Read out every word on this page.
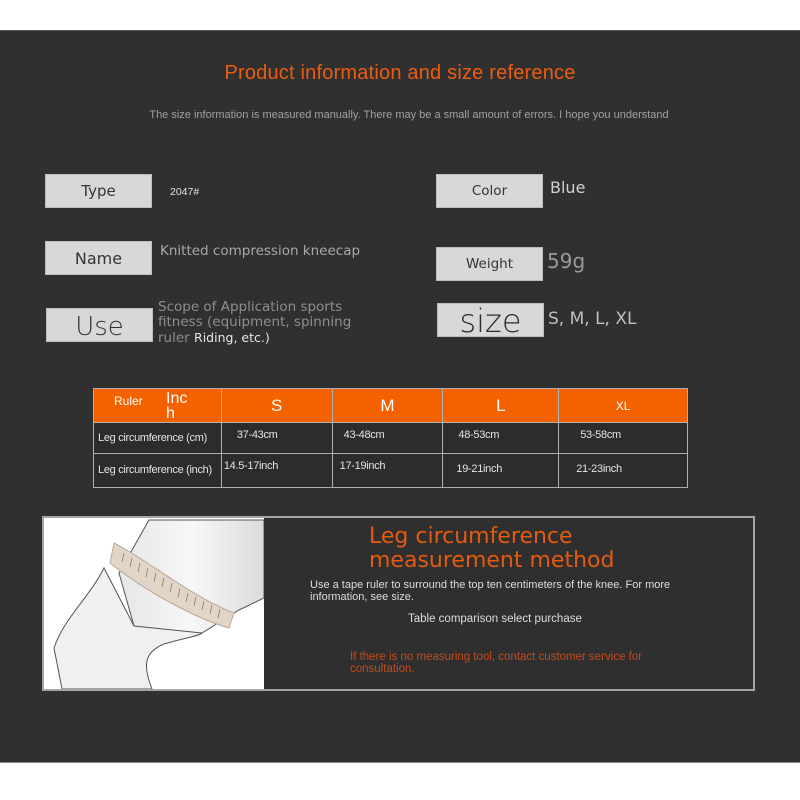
Product information and size reference
The size information is measured manually. There may be a small amount of errors. I hope you understand
Type	2047#
Name	Knitted compression kneecap
Use
Scope of Application sports fitness (equipment, spinning ruler Riding, etc.)
Color	Blue
Weight	59g
size	S, M, L, XL
Ruler Inch	S	M	L	XL
Leg circumference (cm)	37-43cm	43-48cm	48-53cm	53-58cm
Leg circumference (inch)	14.5-17inch	17-19inch	19-21inch	21-23inch
Leg circumference
measurement method
Use a tape ruler to surround the top ten centimeters of the knee. For more information, see size.
Table comparison select purchase
If there is no measuring tool, contact customer service for consultation.
